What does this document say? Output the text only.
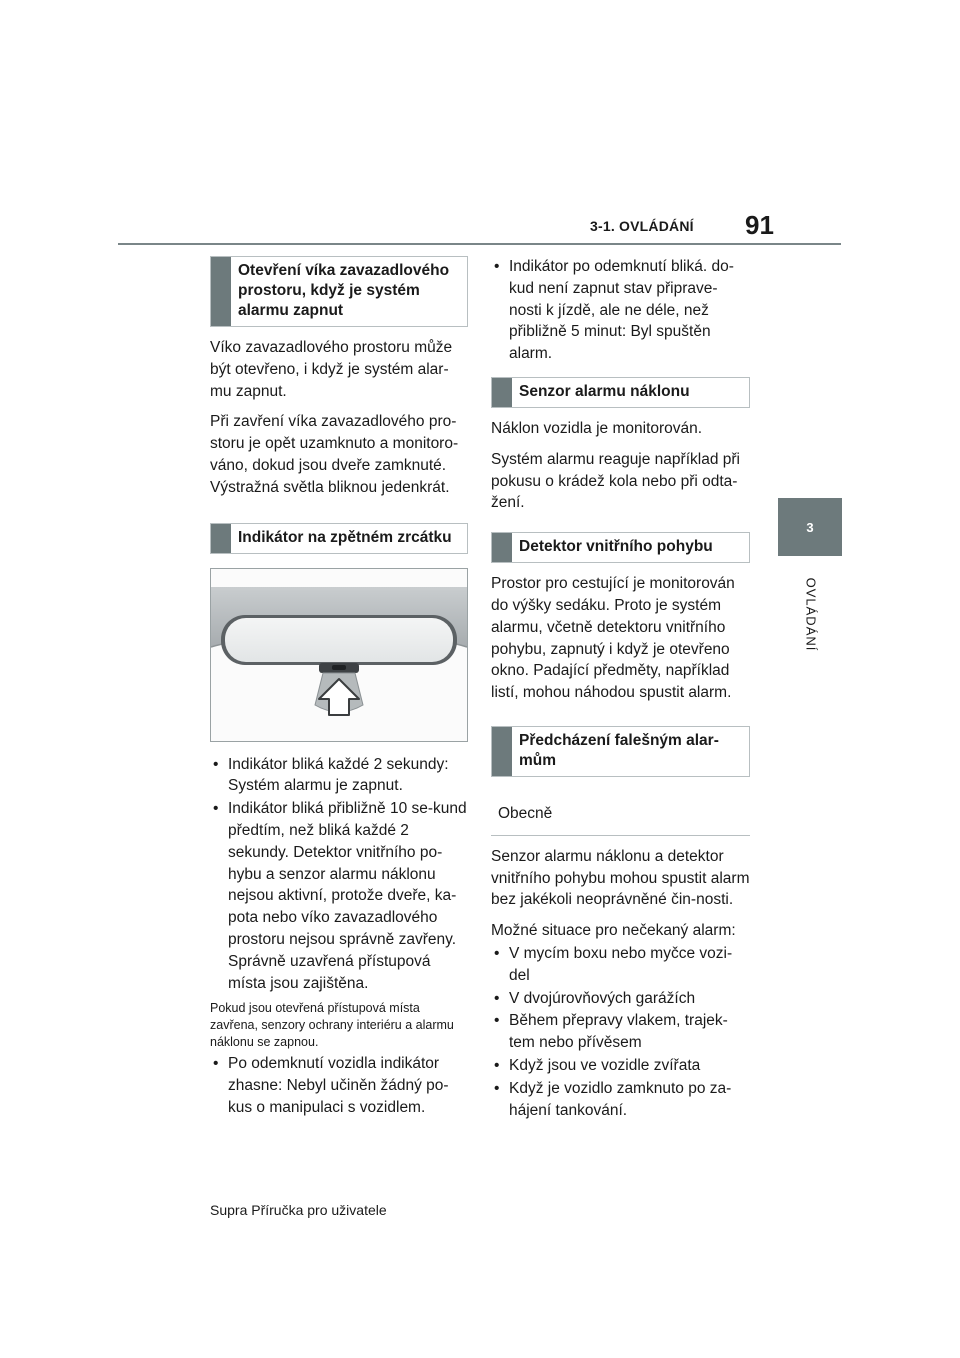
3-1. OVLÁDÁNÍ 91
3
OVLÁDÁNÍ
Otevření víka zavazadlového prostoru, když je systém alarmu zapnut

Víko zavazadlového prostoru může být otevřeno, i když je systém alar-mu zapnut.

Při zavření víka zavazadlového pro-storu je opět uzamknuto a monitoro-váno, dokud jsou dveře zamknuté. Výstražná světla bliknou jedenkrát.

Indikátor na zpětném zrcátku
• Indikátor bliká každé 2 sekundy: Systém alarmu je zapnut.
• Indikátor bliká přibližně 10 se-kund předtím, než bliká každé 2 sekundy. Detektor vnitřního po-hybu a senzor alarmu náklonu nejsou aktivní, protože dveře, ka-pota nebo víko zavazadlového prostoru nejsou správně zavřeny. Správně uzavřená přístupová místa jsou zajištěna.
Pokud jsou otevřená přístupová místa zavřena, senzory ochrany interiéru a alarmu náklonu se zapnou.
• Po odemknutí vozidla indikátor zhasne: Nebyl učiněn žádný po-kus o manipulaci s vozidlem.
• Indikátor po odemknutí bliká. do-kud není zapnut stav připrave-nosti k jízdě, ale ne déle, než přibližně 5 minut: Byl spuštěn alarm.
Senzor alarmu náklonu

Náklon vozidla je monitorován.

Systém alarmu reaguje například při pokusu o krádež kola nebo při odta-žení.

Detektor vnitřního pohybu

Prostor pro cestující je monitorován do výšky sedáku. Proto je systém alarmu, včetně detektoru vnitřního pohybu, zapnutý i když je otevřeno okno. Padající předměty, například listí, mohou náhodou spustit alarm.

Předcházení falešným alar-mům
Obecně

Senzor alarmu náklonu a detektor vnitřního pohybu mohou spustit alarm bez jakékoli neoprávněné čin-nosti.

Možné situace pro nečekaný alarm:

• V mycím boxu nebo myčce vozi-del
• V dvojúrovňových garážích
• Během přepravy vlakem, trajek-tem nebo přívěsem
• Když jsou ve vozidle zvířata
• Když je vozidlo zamknuto po za-hájení tankování.
Supra Příručka pro uživatele
